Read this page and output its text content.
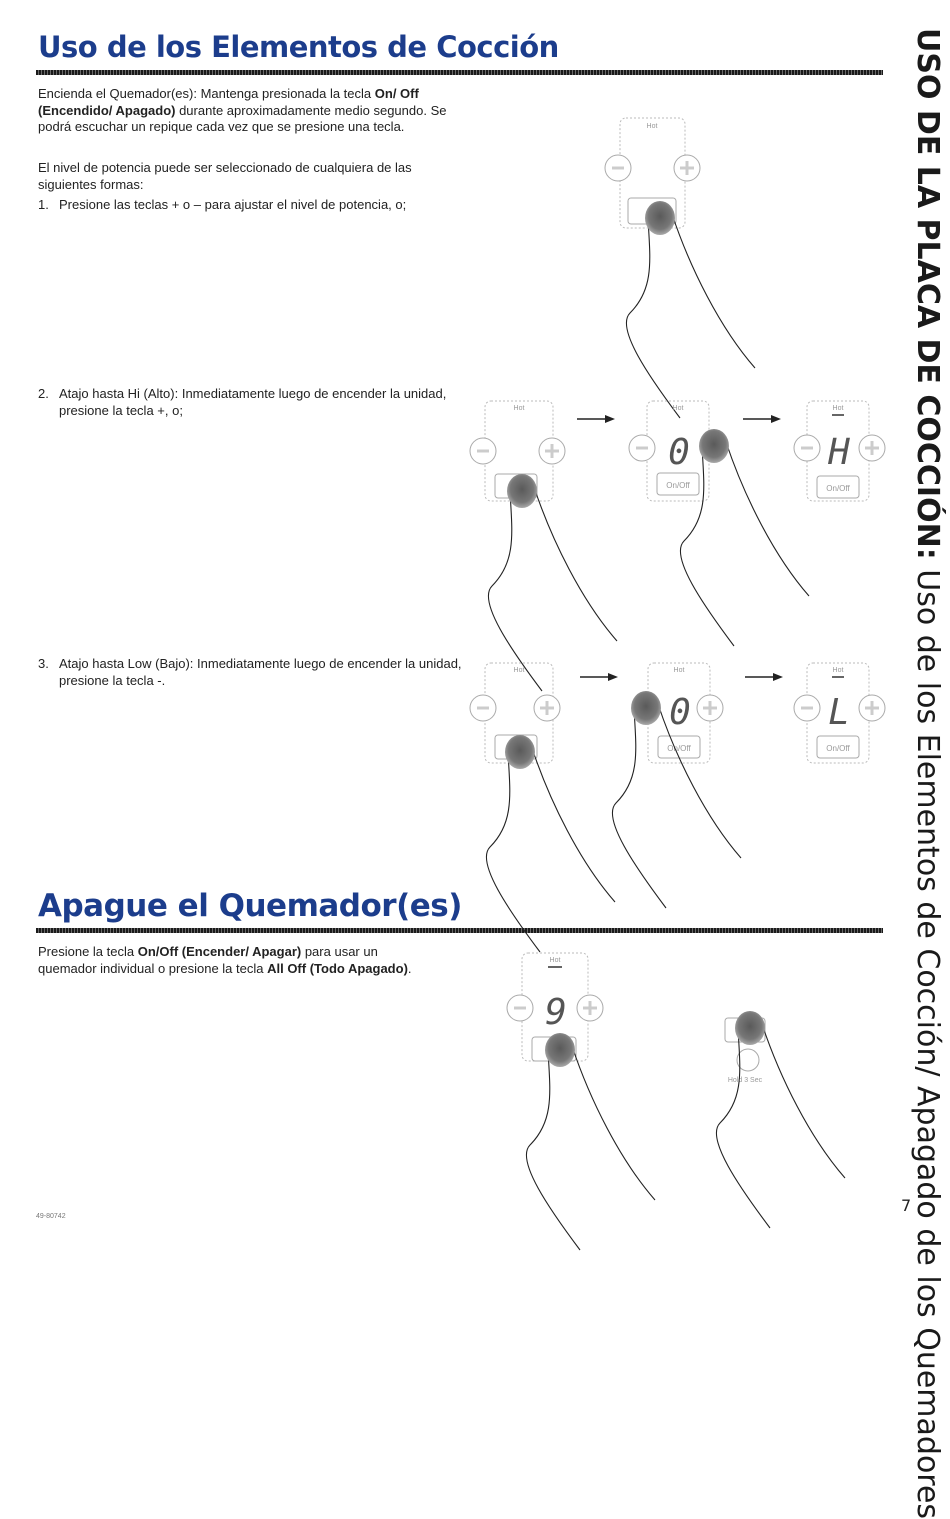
Uso de los Elementos de Cocción

Encienda el Quemador(es): Mantenga presionada la tecla On/ Off (Encendido/ Apagado) durante aproximadamente medio segundo. Se podrá escuchar un repique cada vez que se presione una tecla.

El nivel de potencia puede ser seleccionado de cualquiera de las siguientes formas:

1. Presione las teclas + o – para ajustar el nivel de potencia, o;

2. Atajo hasta Hi (Alto): Inmediatamente luego de encender la unidad, presione la tecla +, o;

3. Atajo hasta Low (Bajo): Inmediatamente luego de encender la unidad, presione la tecla -.

Apague el Quemador(es)

Presione la tecla On/Off (Encender/ Apagar) para usar un quemador individual o presione la tecla All Off (Todo Apagado).

USO DE LA PLACA DE COCCIÓN: Uso de los Elementos de Cocción/ Apagado de los Quemadores
7
49-80742
Hot
Hot	Hot
0
On/Off
Hot
H
On/Off
Hot	Hot
0
On/Off
Hot
L
On/Off
Hot
9
Hold 3 Sec
